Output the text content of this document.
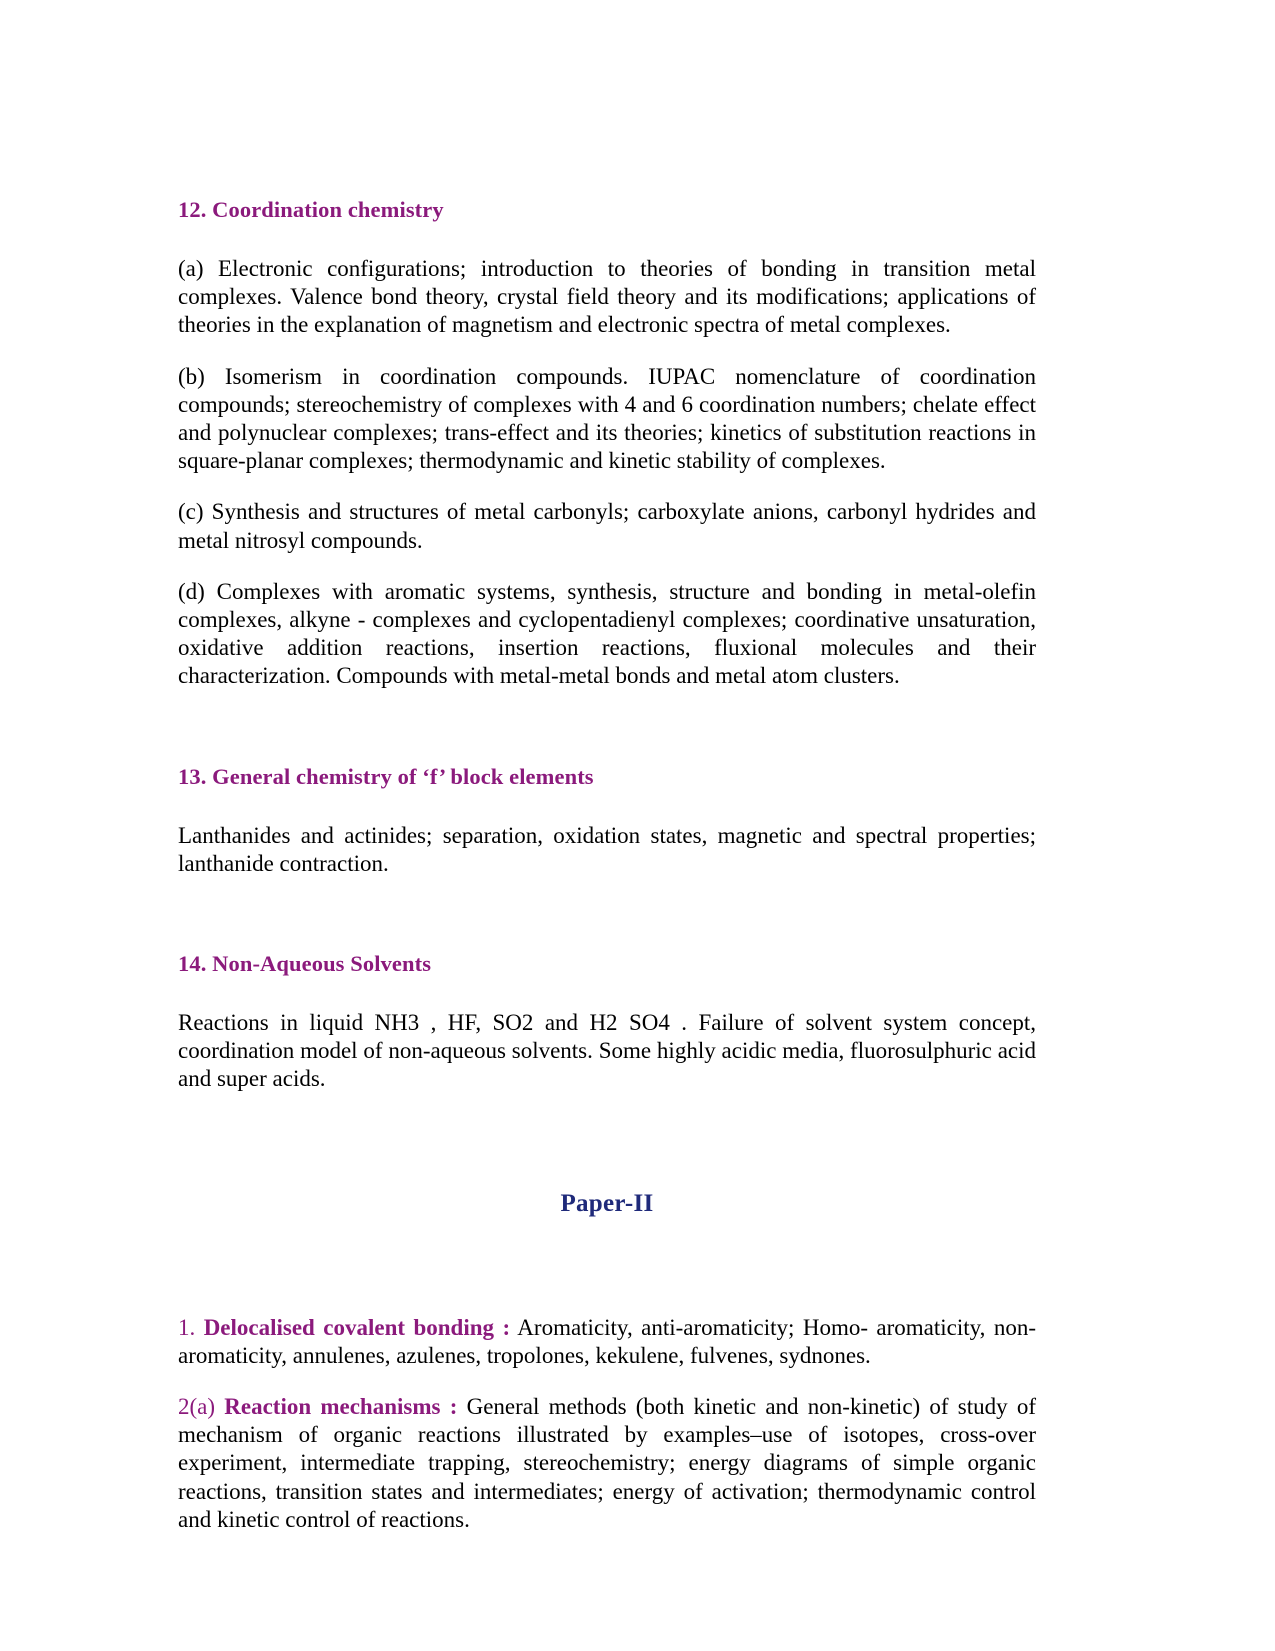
12. Coordination chemistry

(a) Electronic configurations; introduction to theories of bonding in transition metal complexes. Valence bond theory, crystal field theory and its modifications; applications of theories in the explanation of magnetism and electronic spectra of metal complexes.

(b) Isomerism in coordination compounds. IUPAC nomenclature of coordination compounds; stereochemistry of complexes with 4 and 6 coordination numbers; chelate effect and polynuclear complexes; trans-effect and its theories; kinetics of substitution reactions in square-planar complexes; thermodynamic and kinetic stability of complexes.

(c) Synthesis and structures of metal carbonyls; carboxylate anions, carbonyl hydrides and metal nitrosyl compounds.

(d) Complexes with aromatic systems, synthesis, structure and bonding in metal-olefin complexes, alkyne - complexes and cyclopentadienyl complexes; coordinative unsaturation, oxidative addition reactions, insertion reactions, fluxional molecules and their characterization. Compounds with metal-metal bonds and metal atom clusters.

13. General chemistry of ‘f’ block elements

Lanthanides and actinides; separation, oxidation states, magnetic and spectral properties; lanthanide contraction.

14. Non-Aqueous Solvents

Reactions in liquid NH3 , HF, SO2 and H2 SO4 . Failure of solvent system concept, coordination model of non-aqueous solvents. Some highly acidic media, fluorosulphuric acid and super acids.

Paper-II

1. Delocalised covalent bonding : Aromaticity, anti-aromaticity; Homo- aromaticity, non-aromaticity, annulenes, azulenes, tropolones, kekulene, fulvenes, sydnones.

2(a) Reaction mechanisms : General methods (both kinetic and non-kinetic) of study of mechanism of organic reactions illustrated by examples–use of isotopes, cross-over experiment, intermediate trapping, stereochemistry; energy diagrams of simple organic reactions, transition states and intermediates; energy of activation; thermodynamic control and kinetic control of reactions.
